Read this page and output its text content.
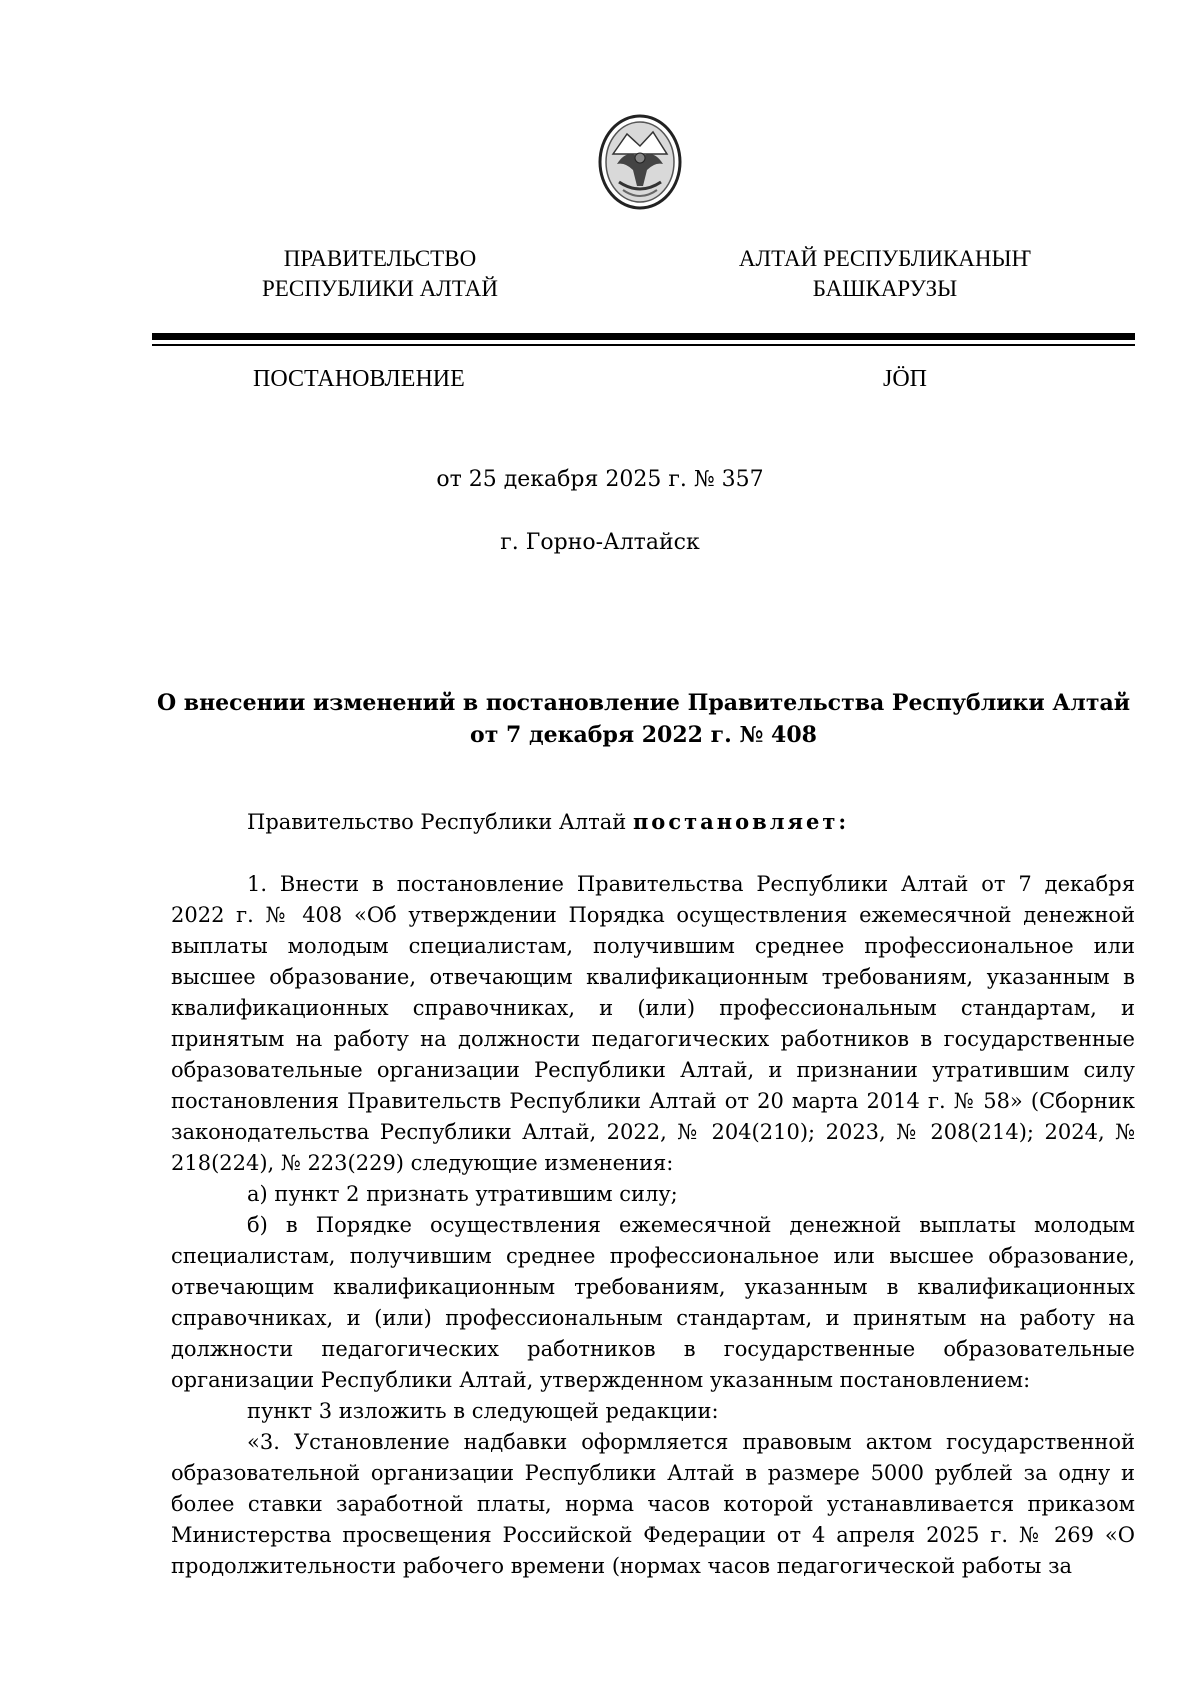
ПРАВИТЕЛЬСТВО
РЕСПУБЛИКИ АЛТАЙ
АЛТАЙ РЕСПУБЛИКАНЫҤ
БАШКАРУЗЫ
ПОСТАНОВЛЕНИЕ	ЈӦП
от 25 декабря 2025 г. № 357
г. Горно-Алтайск
О внесении изменений в постановление Правительства Республики Алтай
от 7 декабря 2022 г. № 408

Правительство Республики Алтай постановляет:

1. Внести в постановление Правительства Республики Алтай от 7 декабря 2022 г. № 408 «Об утверждении Порядка осуществления ежемесячной денежной выплаты молодым специалистам, получившим среднее профессиональное или высшее образование, отвечающим квалификационным требованиям, указанным в квалификационных справочниках, и (или) профессиональным стандартам, и принятым на работу на должности педагогических работников в государственные образовательные организации Республики Алтай, и признании утратившим силу постановления Правительств Республики Алтай от 20 марта 2014 г. № 58» (Сборник законодательства Республики Алтай, 2022, № 204(210); 2023, № 208(214); 2024, № 218(224), № 223(229) следующие изменения:

а) пункт 2 признать утратившим силу;

б) в Порядке осуществления ежемесячной денежной выплаты молодым специалистам, получившим среднее профессиональное или высшее образование, отвечающим квалификационным требованиям, указанным в квалификационных справочниках, и (или) профессиональным стандартам, и принятым на работу на должности педагогических работников в государственные образовательные организации Республики Алтай, утвержденном указанным постановлением:

пункт 3 изложить в следующей редакции:

«3. Установление надбавки оформляется правовым актом государственной образовательной организации Республики Алтай в размере 5000 рублей за одну и более ставки заработной платы, норма часов которой устанавливается приказом Министерства просвещения Российской Федерации от 4 апреля 2025 г. № 269 «О продолжительности рабочего времени (нормах часов педагогической работы за
